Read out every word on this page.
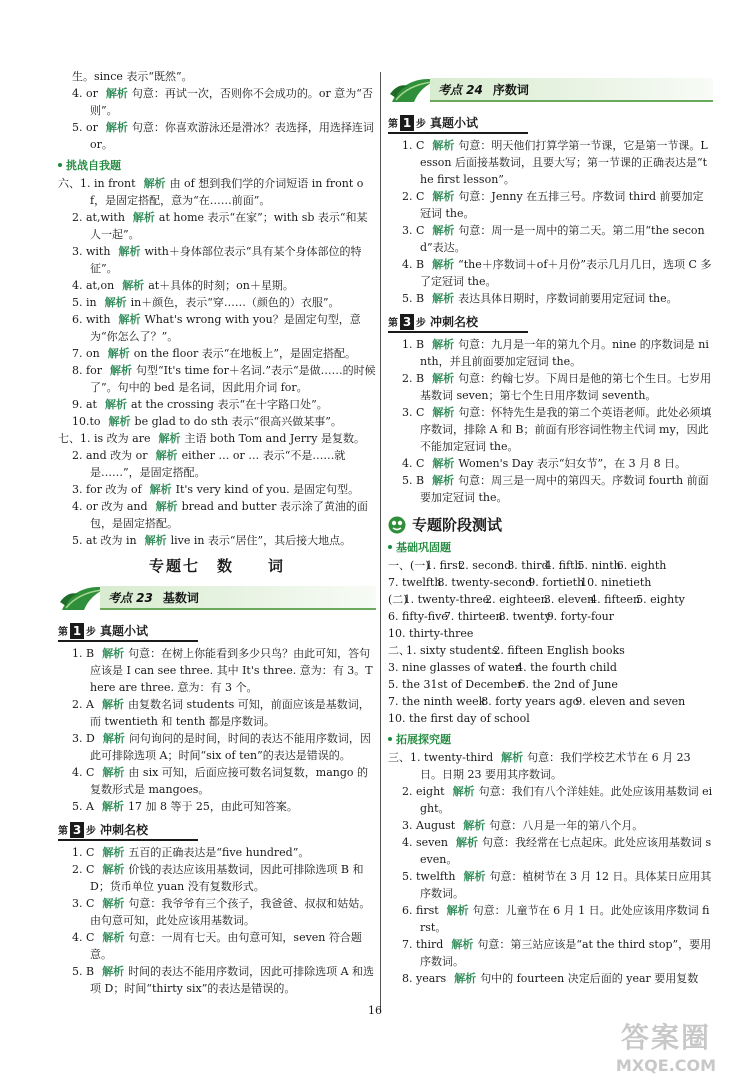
生。since 表示“既然”。
4. or 解析 句意：再试一次，否则你不会成功的。or 意为“否则”。
5. or 解析 句意：你喜欢游泳还是滑冰？表选择，用选择连词 or。
挑战自我题
六、1. in front 解析 由 of 想到我们学的介词短语 in front of，是固定搭配，意为“在……前面”。
2. at,with 解析 at home 表示“在家”；with sb 表示“和某人一起”。
3. with 解析 with＋身体部位表示“具有某个身体部位的特征”。
4. at,on 解析 at＋具体的时刻；on＋星期。
5. in 解析 in＋颜色，表示“穿……（颜色的）衣服”。
6. with 解析 What's wrong with you？是固定句型，意为“你怎么了？”。
7. on 解析 on the floor 表示“在地板上”，是固定搭配。
8. for 解析 句型“It's time for＋名词.”表示“是做……的时候了”。句中的 bed 是名词，因此用介词 for。
9. at 解析 at the crossing 表示“在十字路口处”。
10.to 解析 be glad to do sth 表示“很高兴做某事”。
七、1. is 改为 are 解析 主语 both Tom and Jerry 是复数。
2. and 改为 or 解析 either … or … 表示“不是……就是……”，是固定搭配。
3. for 改为 of 解析 It's very kind of you. 是固定句型。
4. or 改为 and 解析 bread and butter 表示涂了黄油的面包，是固定搭配。
5. at 改为 in 解析 live in 表示“居住”，其后接大地点。
专题七　数　　词
考点 23 基数词
第 1 步 真题小试
1. B 解析 句意：在树上你能看到多少只鸟？由此可知，答句应该是 I can see three. 其中 It's three. 意为：有 3。There are three. 意为：有 3 个。
2. A 解析 由复数名词 students 可知，前面应该是基数词，而 twentieth 和 tenth 都是序数词。
3. D 解析 问句询问的是时间，时间的表达不能用序数词，因此可排除选项 A；时间“six of ten”的表达是错误的。
4. C 解析 由 six 可知，后面应接可数名词复数，mango 的复数形式是 mangoes。
5. A 解析 17 加 8 等于 25，由此可知答案。
第 3 步 冲刺名校
1. C 解析 五百的正确表达是“five hundred”。
2. C 解析 价钱的表达应该用基数词，因此可排除选项 B 和 D；货币单位 yuan 没有复数形式。
3. C 解析 句意：我爷爷有三个孩子，我爸爸、叔叔和姑姑。由句意可知，此处应该用基数词。
4. C 解析 句意：一周有七天。由句意可知，seven 符合题意。
5. B 解析 时间的表达不能用序数词，因此可排除选项 A 和选项 D；时间“thirty six”的表达是错误的。
考点 24 序数词
第 1 步 真题小试
1. C 解析 句意：明天他们打算学第一节课，它是第一节课。Lesson 后面接基数词，且要大写；第一节课的正确表达是“the first lesson”。
2. C 解析 句意：Jenny 在五排三号。序数词 third 前要加定冠词 the。
3. C 解析 句意：周一是一周中的第二天。第二用“the second”表达。
4. B 解析 “the＋序数词＋of＋月份”表示几月几日，选项 C 多了定冠词 the。
5. B 解析 表达具体日期时，序数词前要用定冠词 the。
第 3 步 冲刺名校
1. B 解析 句意：九月是一年的第九个月。nine 的序数词是 ninth，并且前面要加定冠词 the。
2. B 解析 句意：约翰七岁。下周日是他的第七个生日。七岁用基数词 seven；第七个生日用序数词 seventh。
3. C 解析 句意：怀特先生是我的第二个英语老师。此处必须填序数词，排除 A 和 B；前面有形容词性物主代词 my，因此不能加定冠词 the。
4. C 解析 Women's Day 表示“妇女节”，在 3 月 8 日。
5. B 解析 句意：周三是一周中的第四天。序数词 fourth 前面要加定冠词 the。
专题阶段测试
基础巩固题
一、(一)1. first2. second3. third4. fifth5. ninth6. eighth7. twelfth8. twenty-second9. fortieth10. ninetieth
(二)1. twenty-three2. eighteen3. eleven4. fifteen5. eighty6. fifty-five7. thirteen8. twenty9. forty-four10. thirty-three
二、1. sixty students2. fifteen English books3. nine glasses of water4. the fourth child5. the 31st of December6. the 2nd of June7. the ninth week8. forty years ago9. eleven and seven10. the first day of school
拓展探究题
三、1. twenty-third 解析 句意：我们学校艺术节在 6 月 23 日。日期 23 要用其序数词。
2. eight 解析 句意：我们有八个洋娃娃。此处应该用基数词 eight。
3. August 解析 句意：八月是一年的第八个月。
4. seven 解析 句意：我经常在七点起床。此处应该用基数词 seven。
5. twelfth 解析 句意：植树节在 3 月 12 日。具体某日应用其序数词。
6. first 解析 句意：儿童节在 6 月 1 日。此处应该用序数词 first。
7. third 解析 句意：第三站应该是“at the third stop”，要用序数词。
8. years 解析 句中的 fourteen 决定后面的 year 要用复数
16
答案圈
MXQE.COM
